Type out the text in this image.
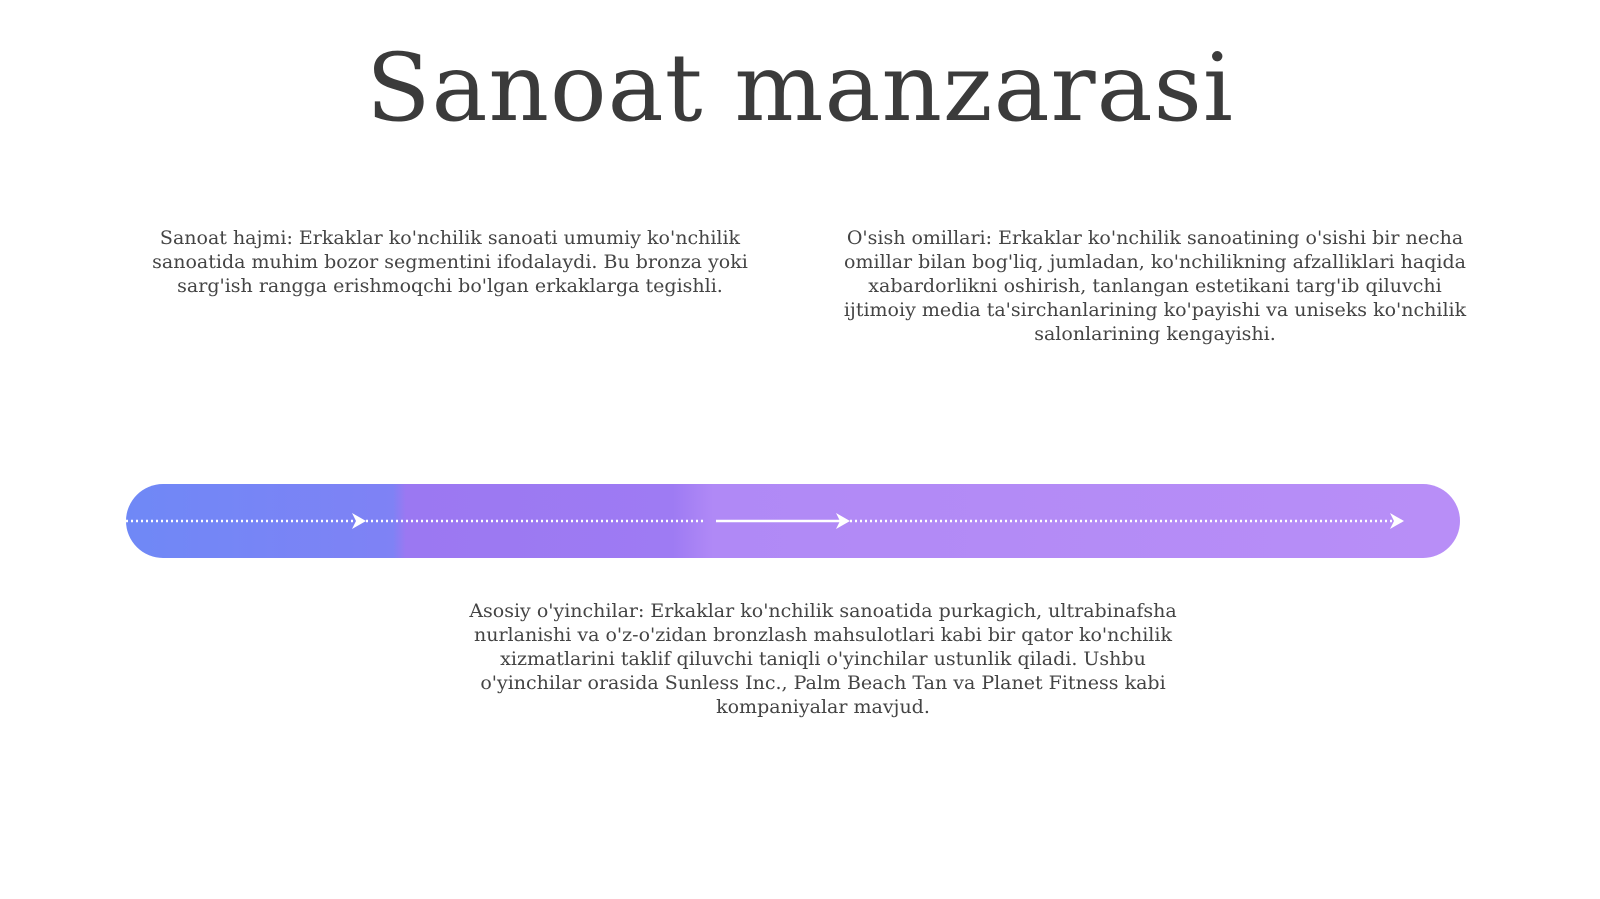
Sanoat manzarasi

Sanoat hajmi: Erkaklar ko'nchilik sanoati umumiy ko'nchilik sanoatida muhim bozor segmentini ifodalaydi. Bu bronza yoki sarg'ish rangga erishmoqchi bo'lgan erkaklarga tegishli.

O'sish omillari: Erkaklar ko'nchilik sanoatining o'sishi bir necha omillar bilan bog'liq, jumladan, ko'nchilikning afzalliklari haqida xabardorlikni oshirish, tanlangan estetikani targ'ib qiluvchi ijtimoiy media ta'sirchanlarining ko'payishi va uniseks ko'nchilik salonlarining kengayishi.

Asosiy o'yinchilar: Erkaklar ko'nchilik sanoatida purkagich, ultrabinafsha nurlanishi va o'z-o'zidan bronzlash mahsulotlari kabi bir qator ko'nchilik xizmatlarini taklif qiluvchi taniqli o'yinchilar ustunlik qiladi. Ushbu o'yinchilar orasida Sunless Inc., Palm Beach Tan va Planet Fitness kabi kompaniyalar mavjud.
